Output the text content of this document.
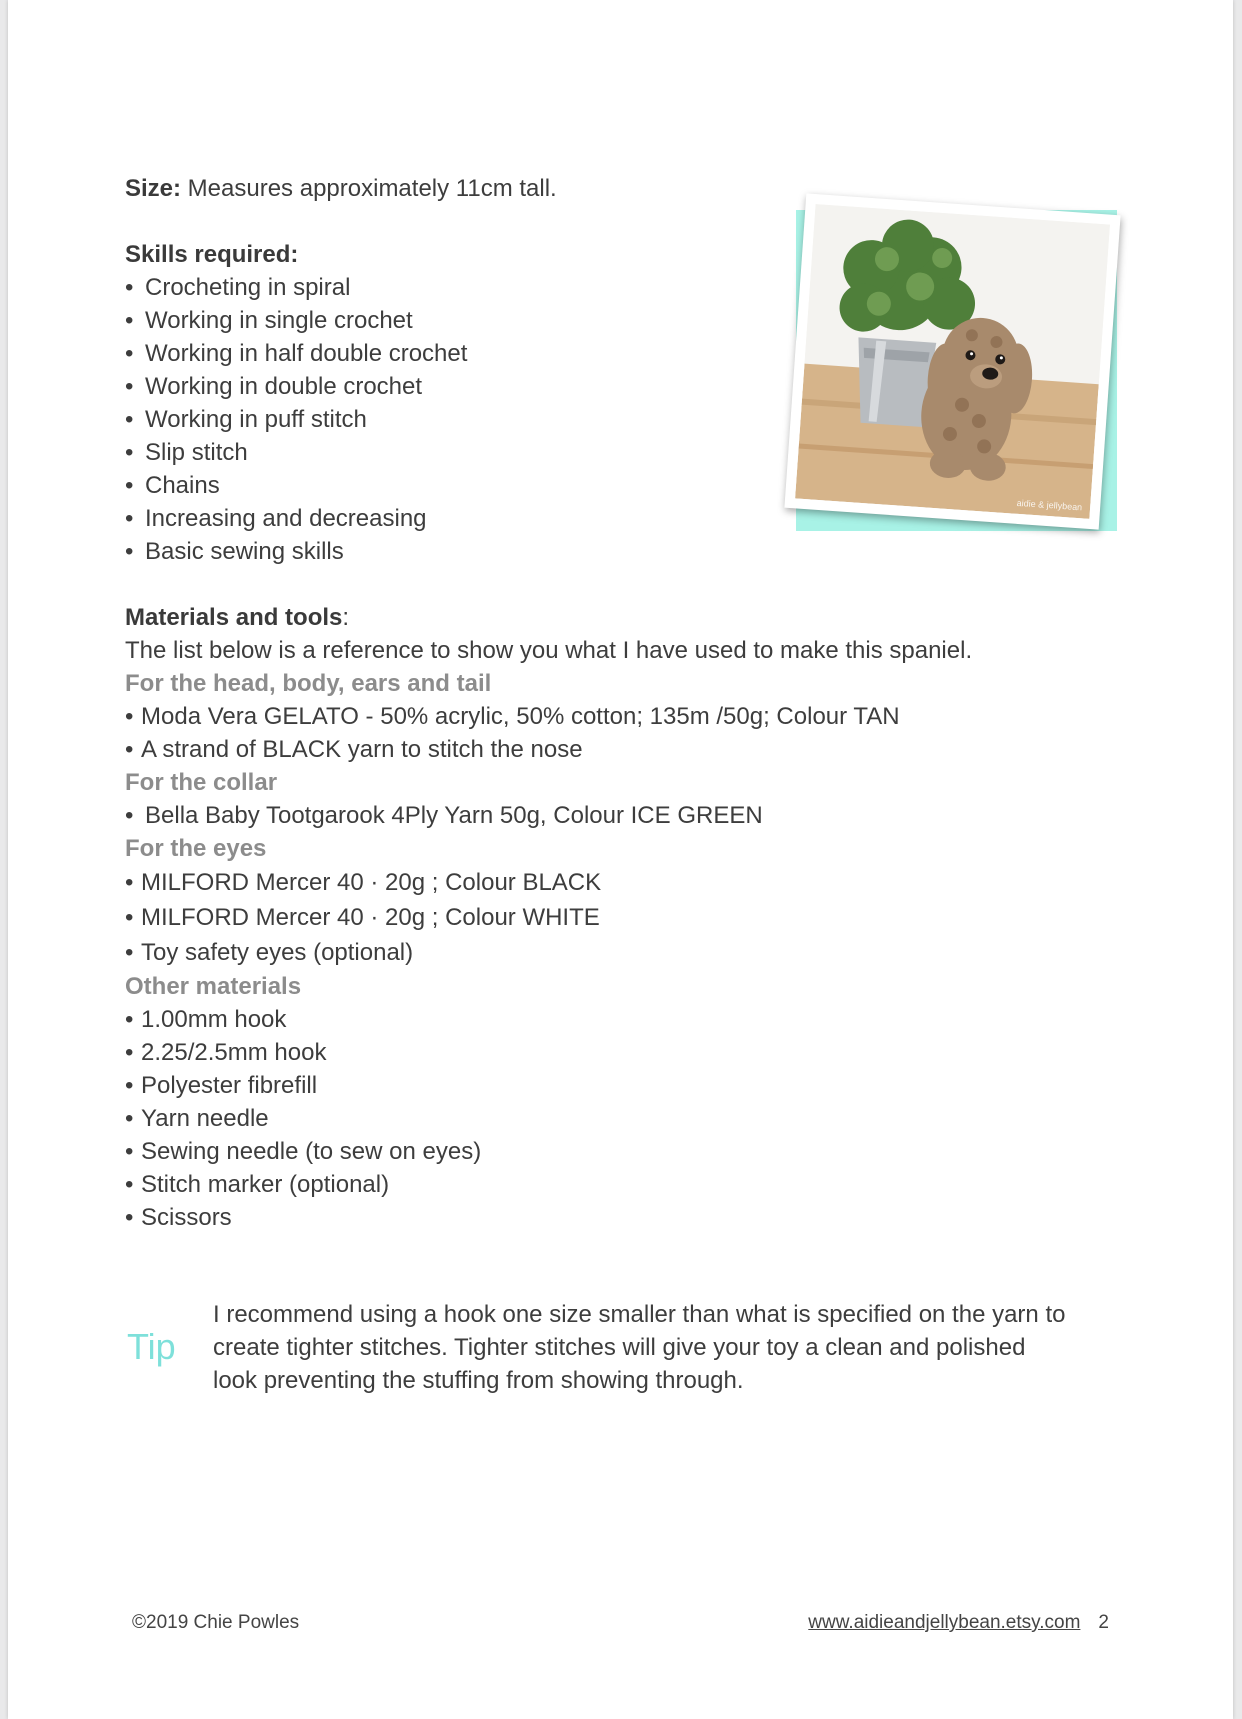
aidie & jellybean

Size: Measures approximately 11cm tall.

Skills required:

• Crocheting in spiral
• Working in single crochet
• Working in half double crochet
• Working in double crochet
• Working in puff stitch
• Slip stitch
• Chains
• Increasing and decreasing
• Basic sewing skills

Materials and tools:

The list below is a reference to show you what I have used to make this spaniel.

For the head, body, ears and tail

• Moda Vera GELATO - 50% acrylic, 50% cotton; 135m /50g; Colour TAN
• A strand of BLACK yarn to stitch the nose

For the collar

• Bella Baby Tootgarook 4Ply Yarn 50g, Colour ICE GREEN

For the eyes

• MILFORD Mercer 40 · 20g ; Colour BLACK
• MILFORD Mercer 40 · 20g ; Colour WHITE
• Toy safety eyes (optional)

Other materials

• 1.00mm hook
• 2.25/2.5mm hook
• Polyester fibrefill
• Yarn needle
• Sewing needle (to sew on eyes)
• Stitch marker (optional)
• Scissors
Tip
I recommend using a hook one size smaller than what is specified on the yarn to create tighter stitches. Tighter stitches will give your toy a clean and polished look preventing the stuffing from showing through.
©2019 Chie Powles	www.aidieandjellybean.etsy.com 2
